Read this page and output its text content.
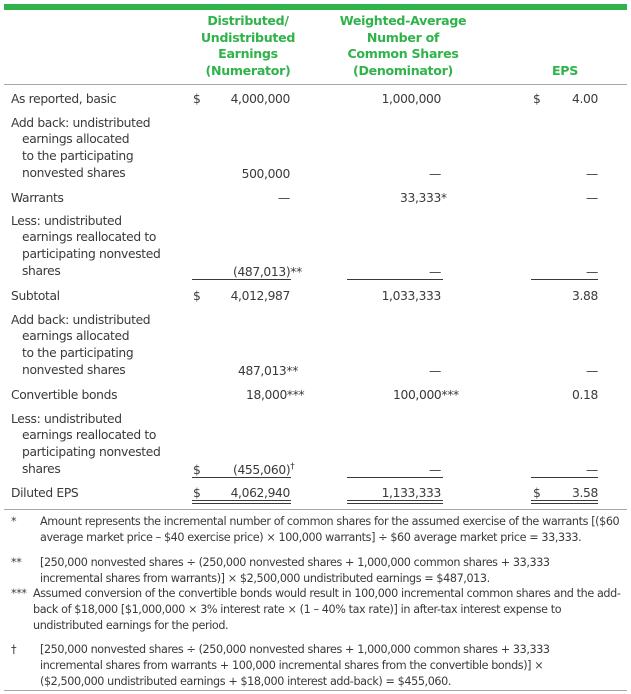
Distributed/
Undistributed
Earnings
(Numerator)
Weighted-Average
Number of
Common Shares
(Denominator)	EPS
As reported, basic	$	4,000,000	1,000,000	$	4.00
Add back: undistributed
earnings allocated
to the participating
nonvested shares	500,000	—	—
Warrants	—	33,333*	—
Less: undistributed
earnings reallocated to
participating nonvested
shares	(487,013)**	—	—
Subtotal	$	4,012,987	1,033,333	3.88
Add back: undistributed
earnings allocated
to the participating
nonvested shares	487,013**	—	—
Convertible bonds	18,000***	100,000***	0.18
Less: undistributed
earnings reallocated to
participating nonvested
shares	$	(455,060)†	—	—
Diluted EPS	$	4,062,940	1,133,333	$	3.58
* Amount represents the incremental number of common shares for the assumed exercise of the warrants [($60 average market price – $40 exercise price) × 100,000 warrants] ÷ $60 average market price = 33,333.
** [250,000 nonvested shares ÷ (250,000 nonvested shares + 1,000,000 common shares + 33,333 incremental shares from warrants)] × $2,500,000 undistributed earnings = $487,013.
*** Assumed conversion of the convertible bonds would result in 100,000 incremental common shares and the add-back of $18,000 [$1,000,000 × 3% interest rate × (1 – 40% tax rate)] in after-tax interest expense to undistributed earnings for the period.
† [250,000 nonvested shares ÷ (250,000 nonvested shares + 1,000,000 common shares + 33,333 incremental shares from warrants + 100,000 incremental shares from the convertible bonds)] × ($2,500,000 undistributed earnings + $18,000 interest add-back) = $455,060.
